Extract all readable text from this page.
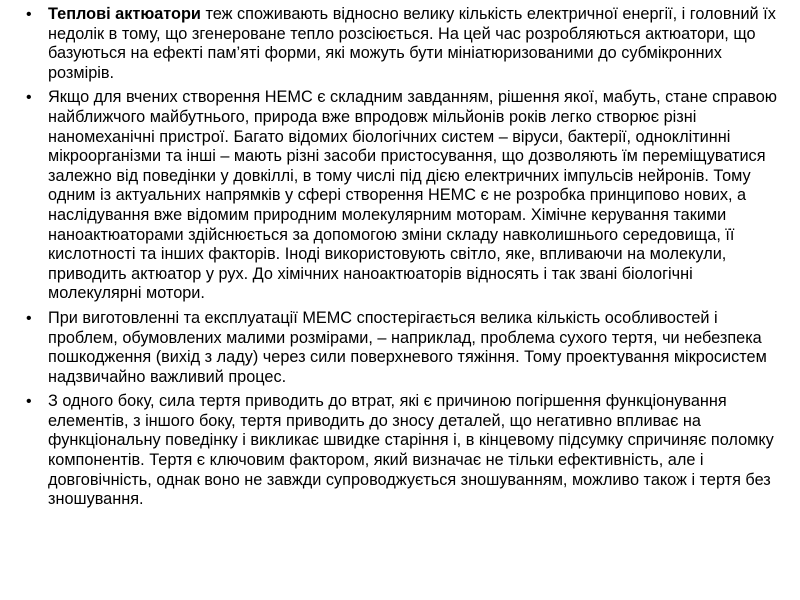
• Теплові актюатори теж споживають відносно велику кількість електричної енергії, і головний їх недолік в тому, що згенероване тепло розсіюється. На цей час розробляються актюатори, що базуються на ефекті пам’яті форми, які можуть бути мініатюризованими до субмікронних розмірів.
• Якщо для вчених створення НЕМС є складним завданням, рішення якої, мабуть, стане справою найближчого майбутнього, природа вже впродовж мільйонів років легко створює різні наномеханічні пристрої. Багато відомих біологічних систем – віруси, бактерії, одноклітинні мікроорганізми та інші – мають різні засоби пристосування, що дозволяють їм переміщуватися залежно від поведінки у довкіллі, в тому числі під дією електричних імпульсів нейронів. Тому одним із актуальних напрямків у сфері створення НЕМС є не розробка принципово нових, а наслідування вже відомим природним молекулярним моторам. Хімічне керування такими наноактюаторами здійснюється за допомогою зміни складу навколишнього середовища, її кислотності та інших факторів. Іноді використовують світло, яке, впливаючи на молекули, приводить актюатор у рух. До хімічних наноактюаторів відносять і так звані біологічні молекулярні мотори.
• При виготовленні та експлуатації МЕМС спостерігається велика кількість особливостей і проблем, обумовлених малими розмірами, – наприклад, проблема сухого тертя, чи небезпека пошкодження (вихід з ладу) через сили поверхневого тяжіння. Тому проектування мікросистем надзвичайно важливий процес.
• З одного боку, сила тертя приводить до втрат, які є причиною погіршення функціонування елементів, з іншого боку, тертя приводить до зносу деталей, що негативно впливає на функціональну поведінку і викликає швидке старіння і, в кінцевому підсумку спричиняє поломку компонентів. Тертя є ключовим фактором, який визначає не тільки ефективність, але і довговічність, однак воно не завжди супроводжується зношуванням, можливо також і тертя без зношування.
